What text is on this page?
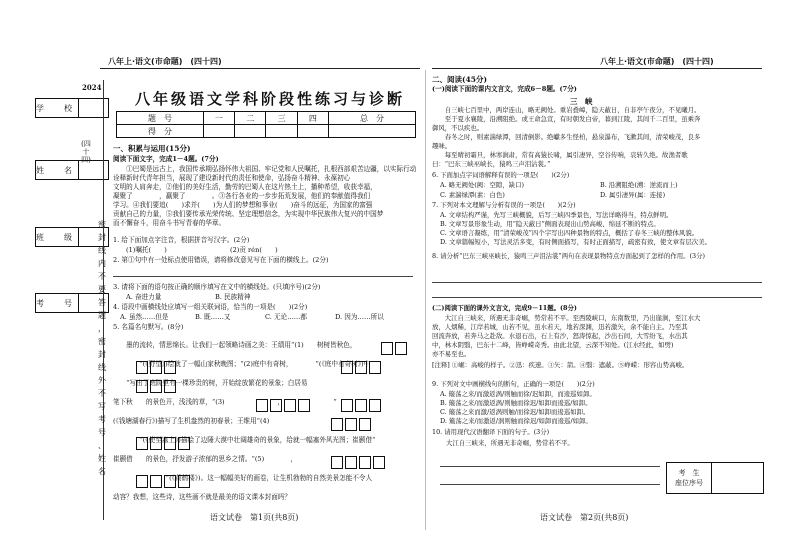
八年上·语文(市命题)　(四十四)	八年上·语文(市命题)　(四十四)
2024
(四十四)
学　校
姓　名
班　级
考　号
密
封
线
内
不
要
答
题
，
密
封
线
外
不
写
考
号
、
姓
名
八年级语文学科阶段性练习与诊断
题　号	一	二	三	四	总　分
得　分					
一、积累与运用(15分)
阅读下面文字，完成1－4题。(7分)
　　①巴蜀是远古上，我国传承期弘扬怀伟大祖国、牢记党和人民嘱托，扎根西部艰苦边疆，以实际行动诠释新时代青年担当，展现了建设新时代的责任和使命，弘扬奋斗精神、永葆初心
文明的人肩奔走，②他们的美好生活，勤劳的巴蜀人在这片热土上，播种希望，收获幸福，
凝聚了　　　　，赢聚了　　　　。③各行各业的一步步拓荒发展，他们的奉献值得我们
学习。④我们要追(　　)求并(　　)为人们的梦想和事业(　　)奋斗的远征，为国家的富强
贡献自己的力量，⑤我们要传承光荣传统、坚定理想信念，为实现中华民族伟大复兴的中国梦
而不懈奋斗，用奋斗书写青春的华章。
1. 给下面加点字注音，根据拼音写汉字。(2分)
(1)嘱托(　　)	(2)贡 rén(　　)
2. 第①句中有一处标点使用错误，请将修改意见写在下面的横线上。(2分)
3. 请将下面的语句按正确的顺序填写在文中的横线处。(只填序号)(2分)
A. 奋进力量	B. 民族精神
4. 语段中画横线处应填写一组关联词语，恰当的一项是(　　)(2分)
A. 虽然……但是	B. 既……又	C. 无论……都	D. 因为……所以
5. 名篇名句默写。(8分)
　　墨的流转，情思绵长。让我们一起领略诗画之美：王绩用“(1)　　树树皆秋色，
　　　　”(《野望》)绘就了一幅山家秋晚图；“(2)庭中有奇树，　　　　”(《庭中有奇树》)中
　　“写出了庭院里有一棵珍贵的树，开始绽放繁花的景象；白居易
笔下秋　　的景色开，浅浅的草，“(3)　　　　　　　　，　　　　　　　　”
(《钱塘湖春行》)描写了生机盎然的初春景；王维用“(4)
　　　　”(《使至塞上》)描绘了边陲大漠中壮阔雄奇的景象，给就一幅塞外风光图；崔颢借“
崔颢借　　的景色，抒发游子浓郁的思乡之情。“(5)　　　　，
　　　　　　　　”(《黄鹤楼》)。这一幅幅美好的画卷，让生机勃勃的自然美景怎能不令人
动容？我想，这些诗，这些画不就是最美的语文课本封面吗？
语文试卷　第1页(共8页)
二、阅读(45分)
(一)阅读下面的课内文言文，完成6－8题。(7分)
三　峡
　　自三峡七百里中，两岸连山，略无阙处。重岩叠嶂，隐天蔽日，自非亭午夜分，不见曦月。
　　至于夏水襄陵，沿溯阻绝。或王命急宣，有时朝发白帝，暮到江陵，其间千二百里，虽乘奔
御风，不以疾也。
　　春冬之时，则素湍绿潭，回清倒影。绝巘多生怪柏，悬泉瀑布，飞漱其间，清荣峻茂，良多
趣味。
　　每至晴初霜旦，林寒涧肃，常有高猿长啸，属引凄异，空谷传响，哀转久绝。故渔者歌
曰：“巴东三峡巫峡长，猿鸣三声泪沾裳。”
6. 下面加点字词语解释有误的一项是(　　)(2分)
A. 略无阙处(阙：空隙，缺口)	B. 沿溯阻绝(溯：逆流而上)
C. 素湍绿潭(素：白色)	D. 属引凄异(属：连接)
7. 下列对本文理解与分析有误的一项是(　　)(2分)
A. 文章结构严谨，先写三峡概貌，后写三峡四季景色，写法详略得当，特点鲜明。
B. 文章写景形象生动，用“隐天蔽日”侧面表现出山势高峻、绵延不断的特点。
C. 文章语言凝练，用“清荣峻茂”四个字写出四种景物的特点，概括了春冬三峡的整体风貌。
D. 文章篇幅短小，写法灵活多变，有时侧面描写，有时正面描写，疏密有致，使文章有层次美。
8. 请分析“巴东三峡巫峡长，猿鸣三声泪沾裳”两句在表现景物特点方面起到了怎样的作用。(3分)
(二)阅读下面的课外文言文，完成9－11题。(8分)
　　大江自三峡来，所遇无非奇崛，势常若不平。至西陵峡口，东南数里，乃出崖涧，至江水大
放，人烟稀，江岸若城，山若不见，虽水若天，地若深渊，迅若激矢，余不能自主。乃至其
回流奔放，若奔马之赴敌。水退石出，石上有沙，怒涛惊起，沙出石间，大雪纷飞，水出其
中，林木阴翳，巴东十二峰，皆峥嵘奇秀。由此北望，云深不知处。(江水经此，如劈)
亦不易至也。
[注释] ①崛：高峻的样子。②迅：疾速。③矢：箭。④翳：遮蔽。⑤峥嵘：形容山势高峻。
9. 下列对文中画横线句的断句，正确的一项是(　　)(2分)
A. 簸荡之来/而激返涡/则触而徐/迟如卸，而逡巡如卸。
B. 簸荡之来/而激返涡/则触而徐迟/如卸而逡巡/如卸。
C. 簸荡之来而激/返涡则触/而徐迟/如卸而逡巡如卸。
D. 簸荡之来/而激返/涡则触而徐迟/如卸而逡巡/如卸。
10. 请用现代汉语翻译下面的句子。(3分)
大江自三峡来，所遇无非奇崛，势常若不平。
考　生
座位序号
语文试卷　第2页(共8页)
